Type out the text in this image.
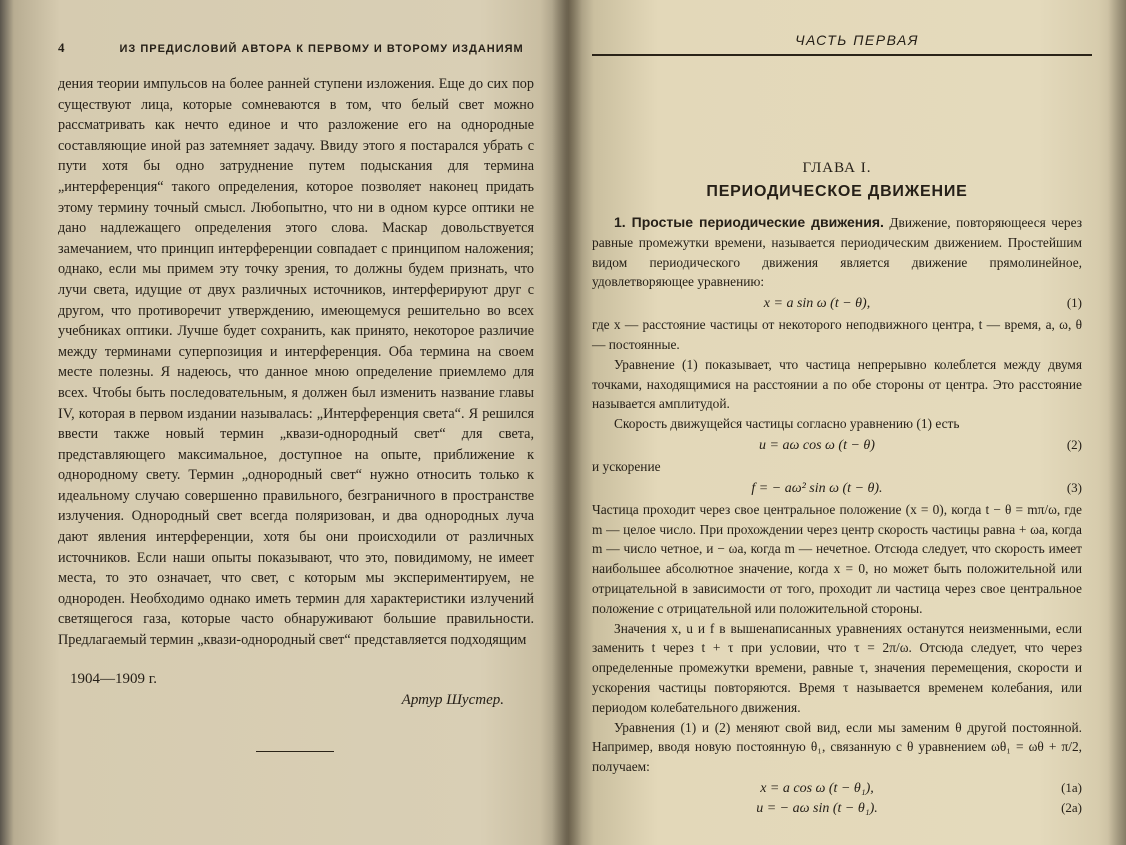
4	ИЗ ПРЕДИСЛОВИЙ АВТОРА К ПЕРВОМУ И ВТОРОМУ ИЗДАНИЯМ

дения теории импульсов на более ранней ступени изложения. Еще до сих пор существуют лица, которые сомневаются в том, что белый свет можно рассматривать как нечто единое и что разложение его на однородные составляющие иной раз затемняет задачу. Ввиду этого я постарался убрать с пути хотя бы одно затруднение путем подыскания для термина „интерференция“ такого определения, которое позволяет наконец придать этому термину точный смысл. Любопытно, что ни в одном курсе оптики не дано надлежащего определения этого слова. Маскар довольствуется замечанием, что принцип интерференции совпадает с принципом наложения; однако, если мы примем эту точку зрения, то должны будем признать, что лучи света, идущие от двух различных источников, интерферируют друг с другом, что противоречит утверждению, имеющемуся решительно во всех учебниках оптики. Лучше будет сохранить, как принято, некоторое различие между терминами суперпозиция и интерференция. Оба термина на своем месте полезны. Я надеюсь, что данное мною определение приемлемо для всех. Чтобы быть последовательным, я должен был изменить название главы IV, которая в первом издании называлась: „Интерференция света“. Я решился ввести также новый термин „квази-однородный свет“ для света, представляющего максимальное, доступное на опыте, приближение к однородному свету. Термин „однородный свет“ нужно относить только к идеальному случаю совершенно правильного, безграничного в пространстве излучения. Однородный свет всегда поляризован, и два однородных луча дают явления интерференции, хотя бы они происходили от различных источников. Если наши опыты показывают, что это, повидимому, не имеет места, то это означает, что свет, с которым мы экспериментируем, не однороден. Необходимо однако иметь термин для характеристики излучений светящегося газа, которые часто обнаруживают большие правильности. Предлагаемый термин „квази-однородный свет“ представляется подходящим

1904—1909 г.
Артур Шустер.
ЧАСТЬ ПЕРВАЯ
ГЛАВА I.
ПЕРИОДИЧЕСКОЕ ДВИЖЕНИЕ

1. Простые периодические движения. Движение, повторяющееся через равные промежутки времени, называется периодическим движением. Простейшим видом периодического движения является движение прямолинейное, удовлетворяющее уравнению:

x = a sin ω (t − θ),	(1)

где x — расстояние частицы от некоторого неподвижного центра, t — время, a, ω, θ — постоянные.

Уравнение (1) показывает, что частица непрерывно колеблется между двумя точками, находящимися на расстоянии a по обе стороны от центра. Это расстояние называется амплитудой.

Скорость движущейся частицы согласно уравнению (1) есть

u = aω cos ω (t − θ)	(2)

и ускорение

f = − aω² sin ω (t − θ).	(3)

Частица проходит через свое центральное положение (x = 0), когда t − θ = mπ/ω, где m — целое число. При прохождении через центр скорость частицы равна + ωa, когда m — число четное, и − ωa, когда m — нечетное. Отсюда следует, что скорость имеет наибольшее абсолютное значение, когда x = 0, но может быть положительной или отрицательной в зависимости от того, проходит ли частица через свое центральное положение с отрицательной или положительной стороны.

Значения x, u и f в вышенаписанных уравнениях останутся неизменными, если заменить t через t + τ при условии, что τ = 2π/ω. Отсюда следует, что через определенные промежутки времени, равные τ, значения перемещения, скорости и ускорения частицы повторяются. Время τ называется временем колебания, или периодом колебательного движения.

Уравнения (1) и (2) меняют свой вид, если мы заменим θ другой постоянной. Например, вводя новую постоянную θ₁, связанную с θ уравнением ωθ₁ = ωθ + π/2, получаем:

x = a cos ω (t − θ₁),	(1a)
u = − aω sin (t − θ₁).	(2a)
